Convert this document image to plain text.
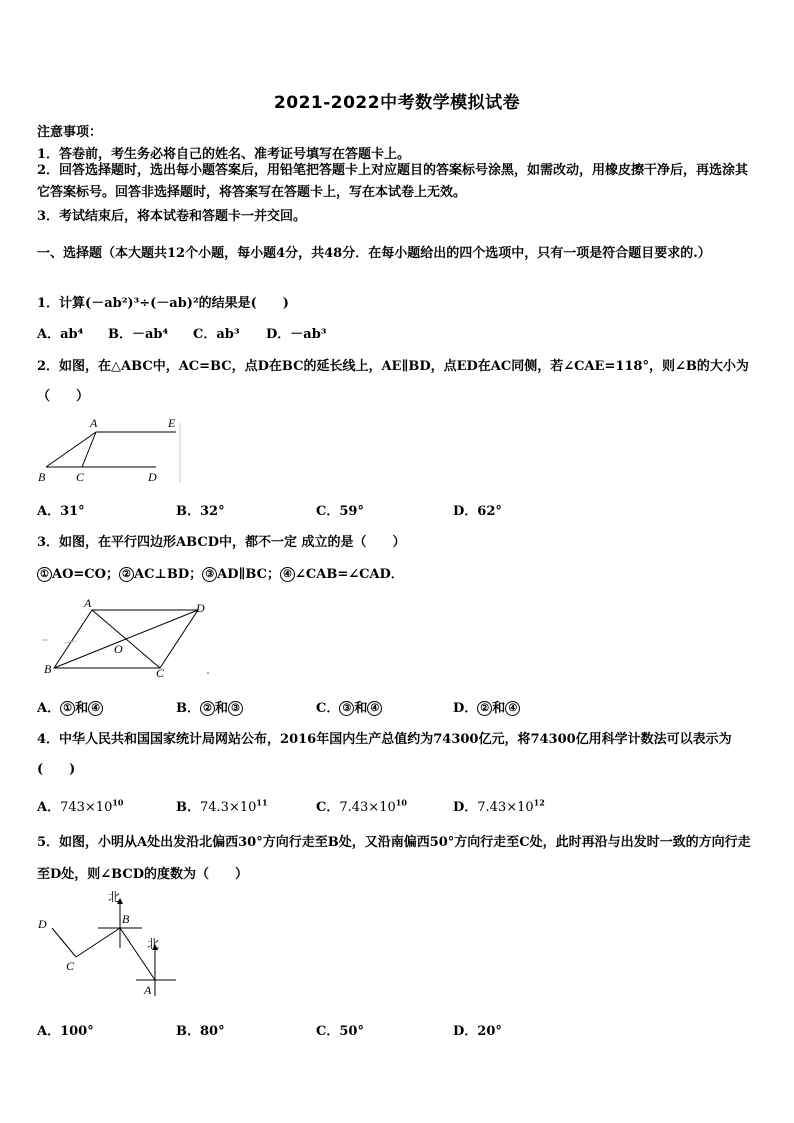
2021-2022中考数学模拟试卷
注意事项：
1．答卷前，考生务必将自己的姓名、准考证号填写在答题卡上。
2．回答选择题时，选出每小题答案后，用铅笔把答题卡上对应题目的答案标号涂黑，如需改动，用橡皮擦干净后，再选涂其它答案标号。回答非选择题时，将答案写在答题卡上，写在本试卷上无效。
3．考试结束后，将本试卷和答题卡一并交回。
一、选择题（本大题共12个小题，每小题4分，共48分．在每小题给出的四个选项中，只有一项是符合题目要求的.）
1．计算(－ab²)³÷(－ab)²的结果是(　　)
A．ab⁴ B．－ab⁴ C．ab³ D．－ab³
2．如图，在△ABC中，AC=BC，点D在BC的延长线上，AE∥BD，点ED在AC同侧，若∠CAE=118°，则∠B的大小为（　　）
A	E
B	C	D
A．31°	B．32°	C．59°	D．62°
3．如图，在平行四边形ABCD中，都不一定 成立的是（　　）
① AO=CO； ② AC⊥BD； ③ AD∥BC； ④ ∠CAB=∠CAD．
A	D
O
B	C
A． ① 和 ④	B． ② 和 ③	C． ③ 和 ④	D． ② 和 ④
4．中华人民共和国国家统计局网站公布，2016年国内生产总值约为74300亿元，将74300亿用科学计数法可以表示为(　　)
A．$743\times 10^{10}$	B．$74.3\times 10^{11}$	C．$7.43\times 10^{10}$	D．$7.43\times 10^{12}$
5．如图，小明从A处出发沿北偏西30°方向行走至B处，又沿南偏西50°方向行走至C处，此时再沿与出发时一致的方向行走至D处，则∠BCD的度数为（　　）
北
北
B
D
C
A
A．100°	B．80°	C．50°	D．20°
